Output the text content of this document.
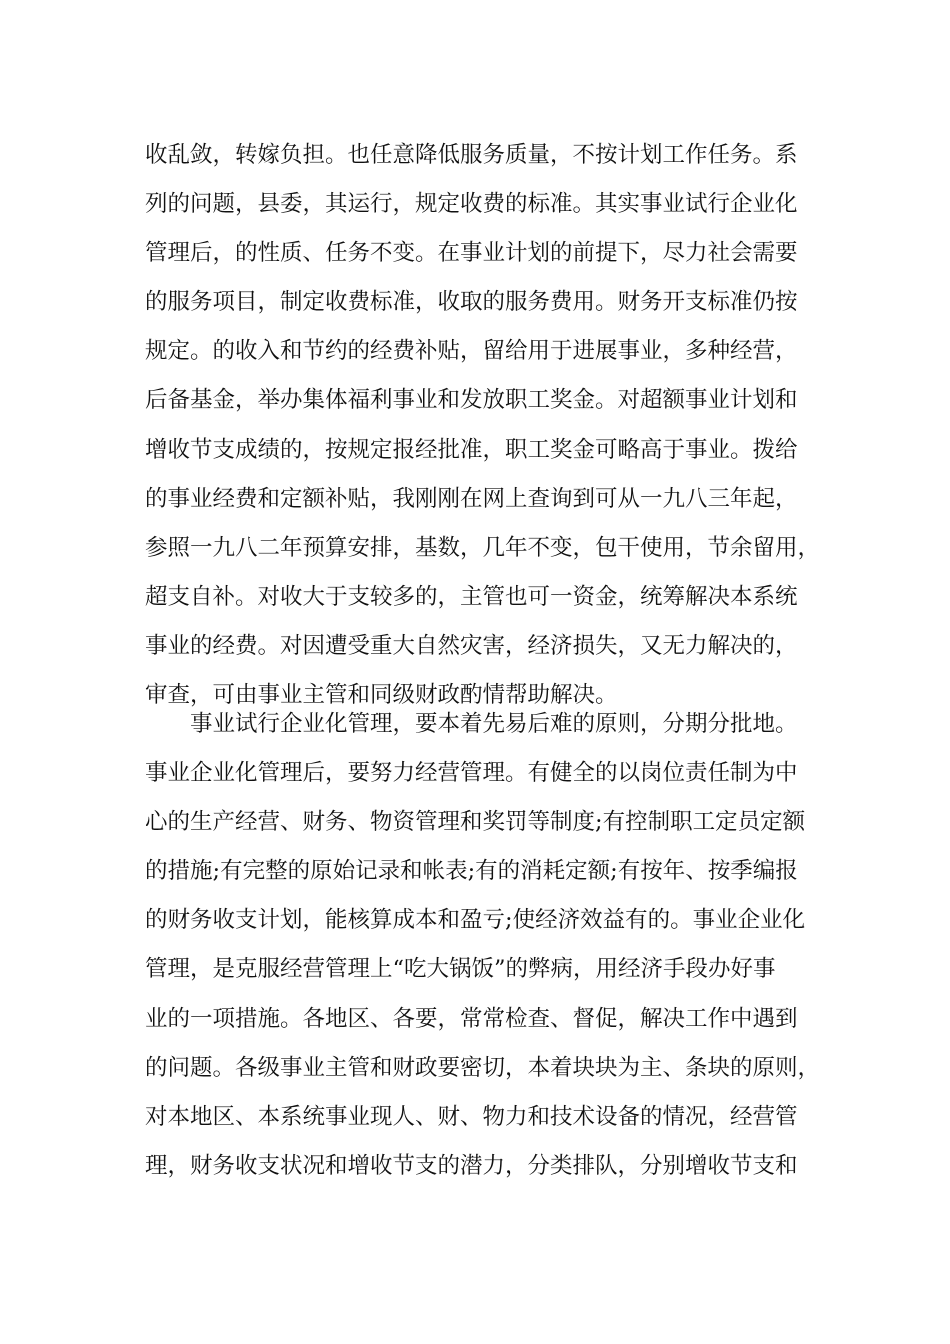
收乱敛，转嫁负担。也任意降低服务质量，不按计划工作任务。系
列的问题，县委，其运行，规定收费的标准。其实事业试行企业化
管理后，的性质、任务不变。在事业计划的前提下，尽力社会需要
的服务项目，制定收费标准，收取的服务费用。财务开支标准仍按
规定。的收入和节约的经费补贴，留给用于进展事业，多种经营，
后备基金，举办集体福利事业和发放职工奖金。对超额事业计划和
增收节支成绩的，按规定报经批准，职工奖金可略高于事业。拨给
的事业经费和定额补贴，我刚刚在网上查询到可从一九八三年起，
参照一九八二年预算安排，基数，几年不变，包干使用，节余留用，
超支自补。对收大于支较多的，主管也可一资金，统筹解决本系统
事业的经费。对因遭受重大自然灾害，经济损失，又无力解决的，
审查，可由事业主管和同级财政酌情帮助解决。
事业试行企业化管理，要本着先易后难的原则，分期分批地。
事业企业化管理后，要努力经营管理。有健全的以岗位责任制为中
心的生产经营、财务、物资管理和奖罚等制度;有控制职工定员定额
的措施;有完整的原始记录和帐表;有的消耗定额;有按年、按季编报
的财务收支计划，能核算成本和盈亏;使经济效益有的。事业企业化
管理，是克服经营管理上“吃大锅饭”的弊病，用经济手段办好事
业的一项措施。各地区、各要，常常检查、督促，解决工作中遇到
的问题。各级事业主管和财政要密切，本着块块为主、条块的原则，
对本地区、本系统事业现人、财、物力和技术设备的情况，经营管
理，财务收支状况和增收节支的潜力，分类排队，分别增收节支和
